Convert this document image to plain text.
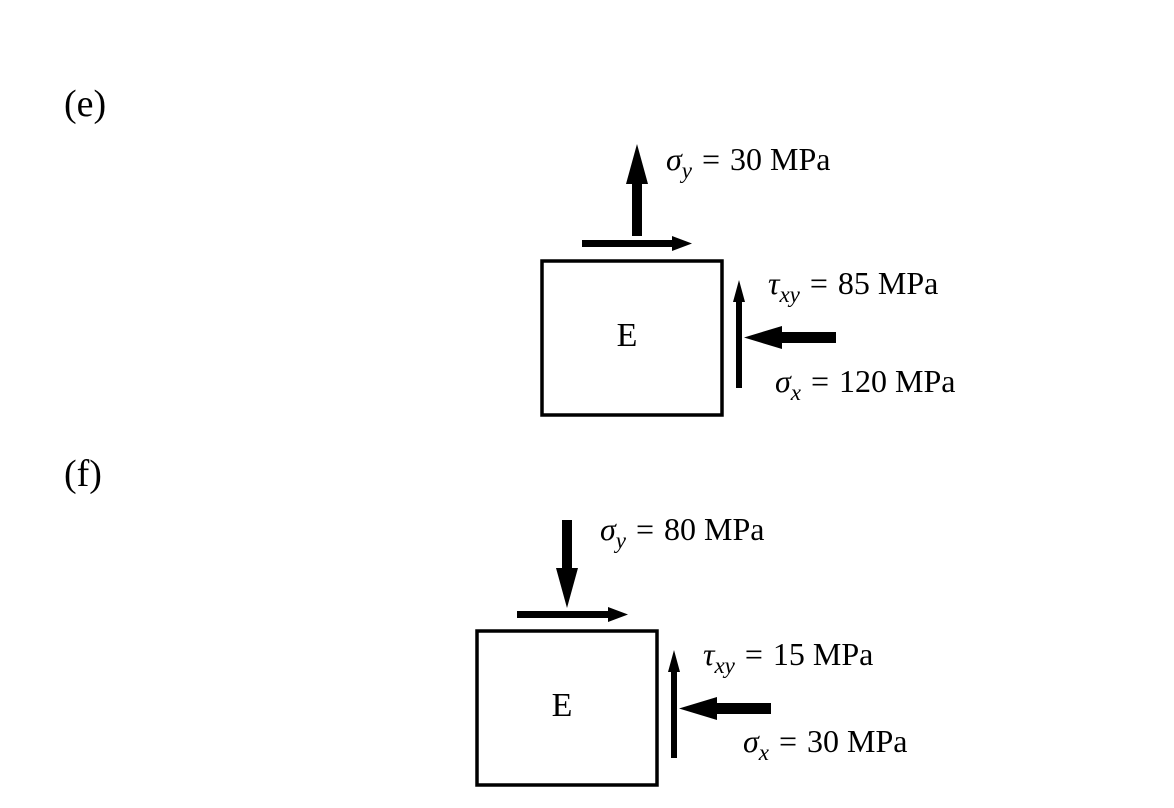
(e)
E
$\sigma_y = 30$ MPa
$\tau_{xy} = 85$ MPa
$\sigma_x = 120$ MPa
(f)
E
$\sigma_y = 80$ MPa
$\tau_{xy} = 15$ MPa
$\sigma_x = 30$ MPa
